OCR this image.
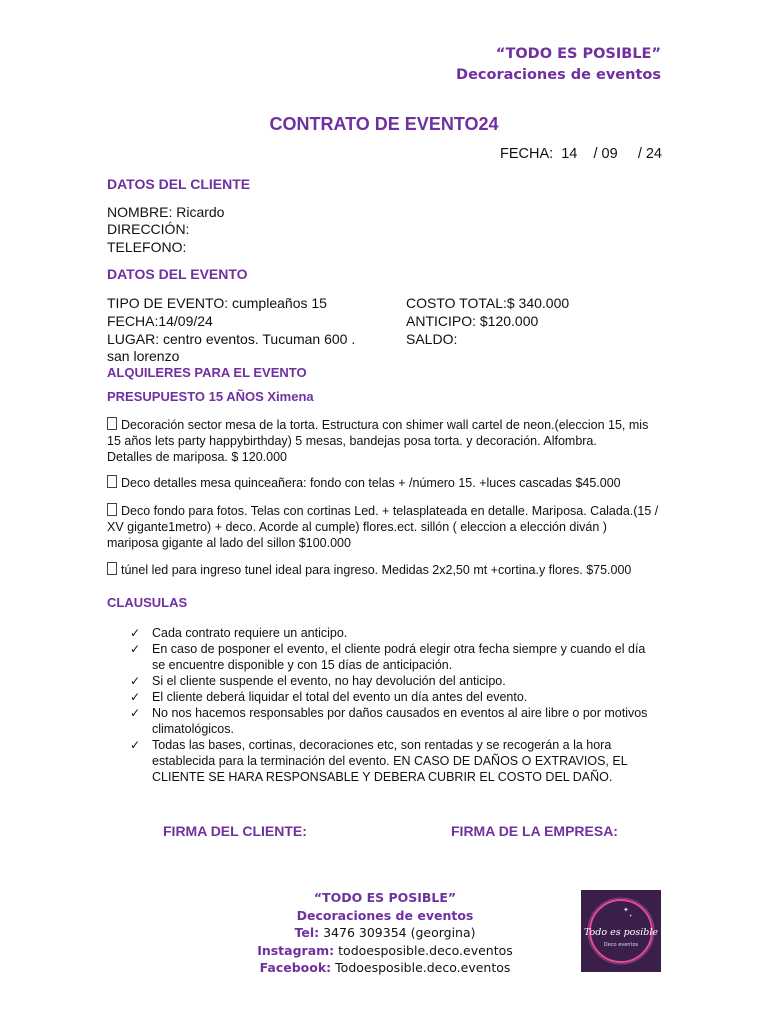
“TODO ES POSIBLE”
Decoraciones de eventos
CONTRATO DE EVENTO24
FECHA: 14 / 09 / 24
DATOS DEL CLIENTE
NOMBRE: Ricardo
DIRECCIÓN:
TELEFONO:
DATOS DEL EVENTO
TIPO DE EVENTO: cumpleaños 15
FECHA:14/09/24
LUGAR: centro eventos. Tucuman 600 .
san lorenzo
COSTO TOTAL:$ 340.000
ANTICIPO: $120.000
SALDO:
ALQUILERES PARA EL EVENTO
PRESUPUESTO 15 AÑOS Ximena
Decoración sector mesa de la torta. Estructura con shimer wall cartel de neon.(eleccion 15, mis
15 años lets party happybirthday) 5 mesas, bandejas posa torta. y decoración. Alfombra.
Detalles de mariposa. $ 120.000
Deco detalles mesa quinceañera: fondo con telas + /número 15. +luces cascadas $45.000
Deco fondo para fotos. Telas con cortinas Led. + telasplateada en detalle. Mariposa. Calada.(15 /
XV gigante1metro) + deco. Acorde al cumple) flores.ect. sillón ( eleccion a elección diván )
mariposa gigante al lado del sillon $100.000
túnel led para ingreso tunel ideal para ingreso. Medidas 2x2,50 mt +cortina.y flores. $75.000
CLAUSULAS
✓ Cada contrato requiere un anticipo.
✓ En caso de posponer el evento, el cliente podrá elegir otra fecha siempre y cuando el día
se encuentre disponible y con 15 días de anticipación.
✓ Si el cliente suspende el evento, no hay devolución del anticipo.
✓ El cliente deberá liquidar el total del evento un día antes del evento.
✓ No nos hacemos responsables por daños causados en eventos al aire libre o por motivos
climatológicos.
✓ Todas las bases, cortinas, decoraciones etc, son rentadas y se recogerán a la hora
establecida para la terminación del evento. EN CASO DE DAÑOS O EXTRAVIOS, EL
CLIENTE SE HARA RESPONSABLE Y DEBERA CUBRIR EL COSTO DEL DAÑO.
FIRMA DEL CLIENTE:	FIRMA DE LA EMPRESA:
“TODO ES POSIBLE”
Decoraciones de eventos
Tel: 3476 309354 (georgina)
Instagram: todoesposible.deco.eventos
Facebook: Todoesposible.deco.eventos
✦
✦
Todo es posible
Deco eventos
